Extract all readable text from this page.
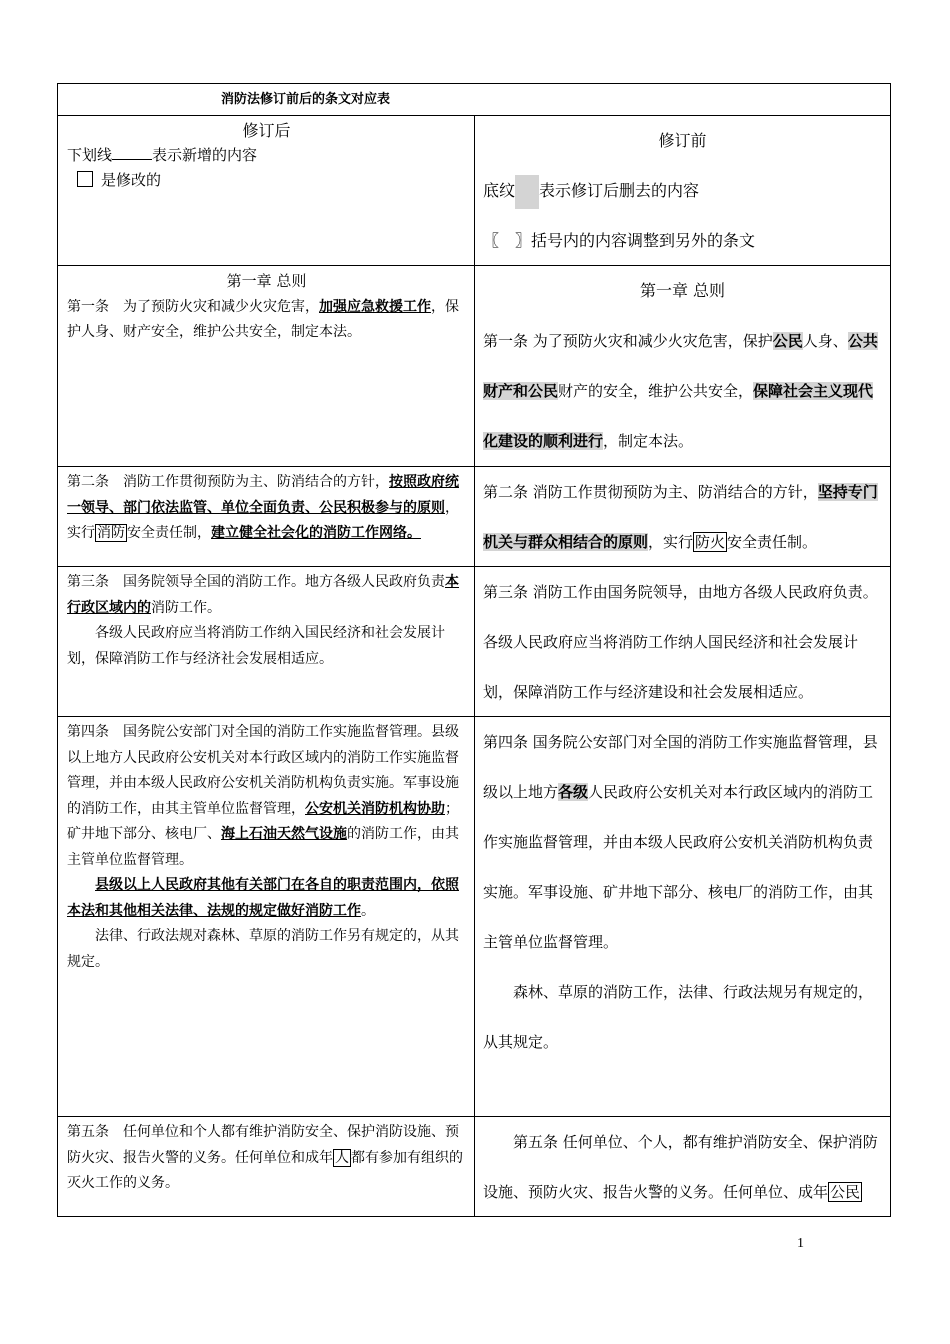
消防法修订前后的条文对应表
修订后
下划线	表示新增的内容
是修改的
修订前
底纹 表示修订后删去的内容
〖　〗括号内的内容调整到另外的条文
第一章 总则
第一条　为了预防火灾和减少火灾危害，加强应急救援工作，保护人身、财产安全，维护公共安全，制定本法。
第一章 总则
第一条 为了预防火灾和减少火灾危害，保护公民人身、公共财产和公民财产的安全，维护公共安全，保障社会主义现代化建设的顺利进行，制定本法。
第二条　消防工作贯彻预防为主、防消结合的方针，按照政府统一领导、部门依法监管、单位全面负责、公民积极参与的原则，实行 消防 安全责任制，建立健全社会化的消防工作网络。
第二条 消防工作贯彻预防为主、防消结合的方针，坚持专门机关与群众相结合的原则，实行 防火 安全责任制。
第三条　国务院领导全国的消防工作。地方各级人民政府负责本行政区域内的消防工作。
各级人民政府应当将消防工作纳入国民经济和社会发展计划，保障消防工作与经济社会发展相适应。
第三条 消防工作由国务院领导，由地方各级人民政府负责。各级人民政府应当将消防工作纳人国民经济和社会发展计划，保障消防工作与经济建设和社会发展相适应。
第四条　国务院公安部门对全国的消防工作实施监督管理。县级以上地方人民政府公安机关对本行政区域内的消防工作实施监督管理，并由本级人民政府公安机关消防机构负责实施。军事设施的消防工作，由其主管单位监督管理，公安机关消防机构协助；矿井地下部分、核电厂、海上石油天然气设施的消防工作，由其主管单位监督管理。
县级以上人民政府其他有关部门在各自的职责范围内，依照本法和其他相关法律、法规的规定做好消防工作。
法律、行政法规对森林、草原的消防工作另有规定的，从其规定。
第四条 国务院公安部门对全国的消防工作实施监督管理，县级以上地方各级人民政府公安机关对本行政区域内的消防工作实施监督管理，并由本级人民政府公安机关消防机构负责实施。军事设施、矿井地下部分、核电厂的消防工作，由其主管单位监督管理。
森林、草原的消防工作，法律、行政法规另有规定的，从其规定。
第五条　任何单位和个人都有维护消防安全、保护消防设施、预防火灾、报告火警的义务。任何单位和成年 人 都有参加有组织的灭火工作的义务。
第五条 任何单位、个人，都有维护消防安全、保护消防设施、预防火灾、报告火警的义务。任何单位、成年 公民
1
